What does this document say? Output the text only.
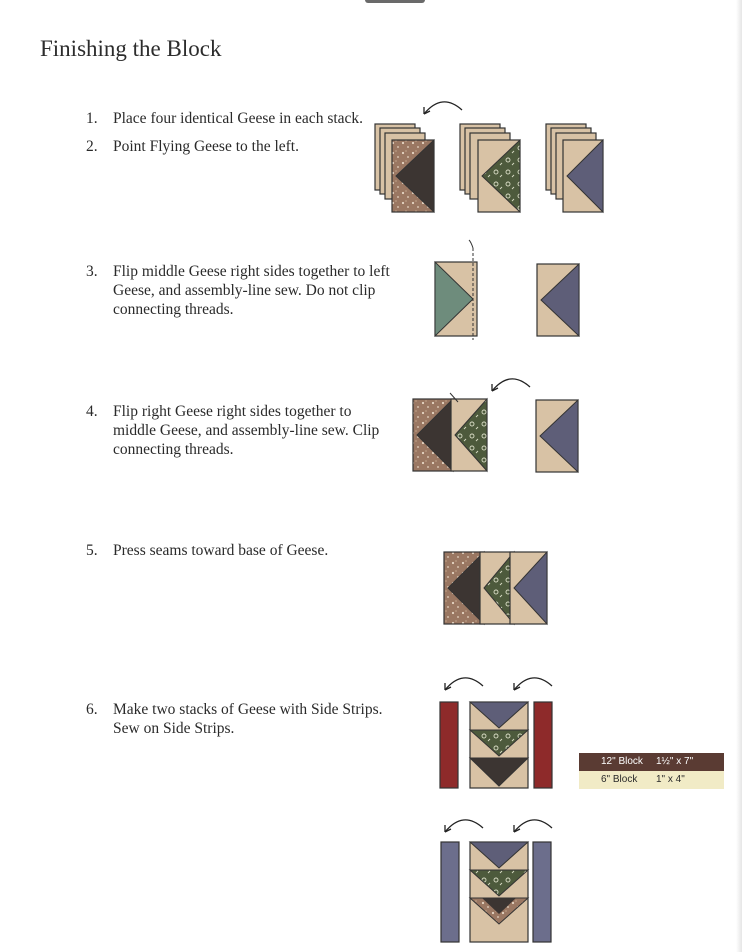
Finishing the Block
1. Place four identical Geese in each stack.
2. Point Flying Geese to the left.
3. Flip middle Geese right sides together to left Geese, and assembly-line sew. Do not clip connecting threads.
4. Flip right Geese right sides together to middle Geese, and assembly-line sew. Clip connecting threads.
5. Press seams toward base of Geese.
6. Make two stacks of Geese with Side Strips. Sew on Side Strips.
12" Block 1½" x 7"
6" Block 1" x 4"
